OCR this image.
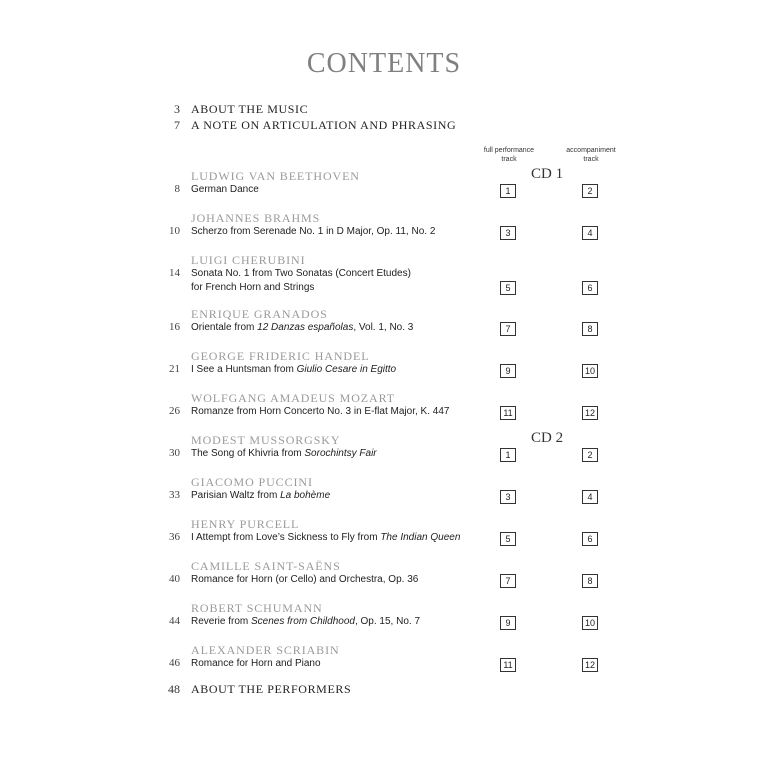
CONTENTS
3 ABOUT THE MUSIC
7 A NOTE ON ARTICULATION AND PHRASING
full performance
track
accompaniment
track
CD 1
CD 2
LUDWIG VAN BEETHOVEN
8 German Dance	1	2
JOHANNES BRAHMS
10 Scherzo from Serenade No. 1 in D Major, Op. 11, No. 2	3	4
LUIGI CHERUBINI
14 Sonata No. 1 from Two Sonatas (Concert Etudes)
for French Horn and Strings	5	6
ENRIQUE GRANADOS
16 Orientale from 12 Danzas españolas, Vol. 1, No. 3	7	8
GEORGE FRIDERIC HANDEL
21 I See a Huntsman from Giulio Cesare in Egitto	9	10
WOLFGANG AMADEUS MOZART
26 Romanze from Horn Concerto No. 3 in E-flat Major, K. 447	11	12
MODEST MUSSORGSKY
30 The Song of Khivria from Sorochintsy Fair	1	2
GIACOMO PUCCINI
33 Parisian Waltz from La bohème	3	4
HENRY PURCELL
36 I Attempt from Love’s Sickness to Fly from The Indian Queen	5	6
CAMILLE SAINT-SAËNS
40 Romance for Horn (or Cello) and Orchestra, Op. 36	7	8
ROBERT SCHUMANN
44 Reverie from Scenes from Childhood, Op. 15, No. 7	9	10
ALEXANDER SCRIABIN
46 Romance for Horn and Piano	11	12
48 ABOUT THE PERFORMERS
